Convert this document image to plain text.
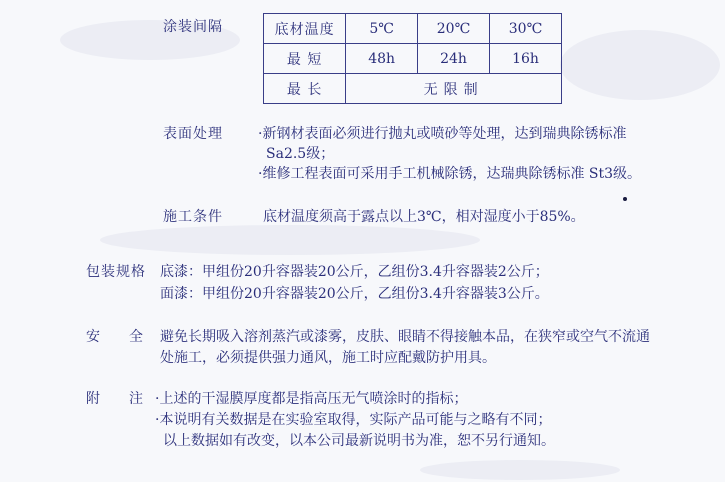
涂装间隔	底材温度	5℃	20℃	30℃
最 短	48h	24h	16h
最 长	无限制		
表面处理	·新钢材表面必须进行抛丸或喷砂等处理，达到瑞典除锈标准
Sa2.5级；
·维修工程表面可采用手工机械除锈，达瑞典除锈标准 St3级。
施工条件	底材温度须高于露点以上3℃，相对湿度小于85%。
包装规格 底漆：甲组份20升容器装20公斤，乙组份3.4升容器装2公斤；
面漆：甲组份20升容器装20公斤，乙组份3.4升容器装3公斤。
安 全 避免长期吸入溶剂蒸汽或漆雾，皮肤、眼睛不得接触本品，在狭窄或空气不流通
处施工，必须提供强力通风，施工时应配戴防护用具。
附 注 ·上述的干湿膜厚度都是指高压无气喷涂时的指标；
·本说明有关数据是在实验室取得，实际产品可能与之略有不同；
以上数据如有改变，以本公司最新说明书为准，恕不另行通知。
